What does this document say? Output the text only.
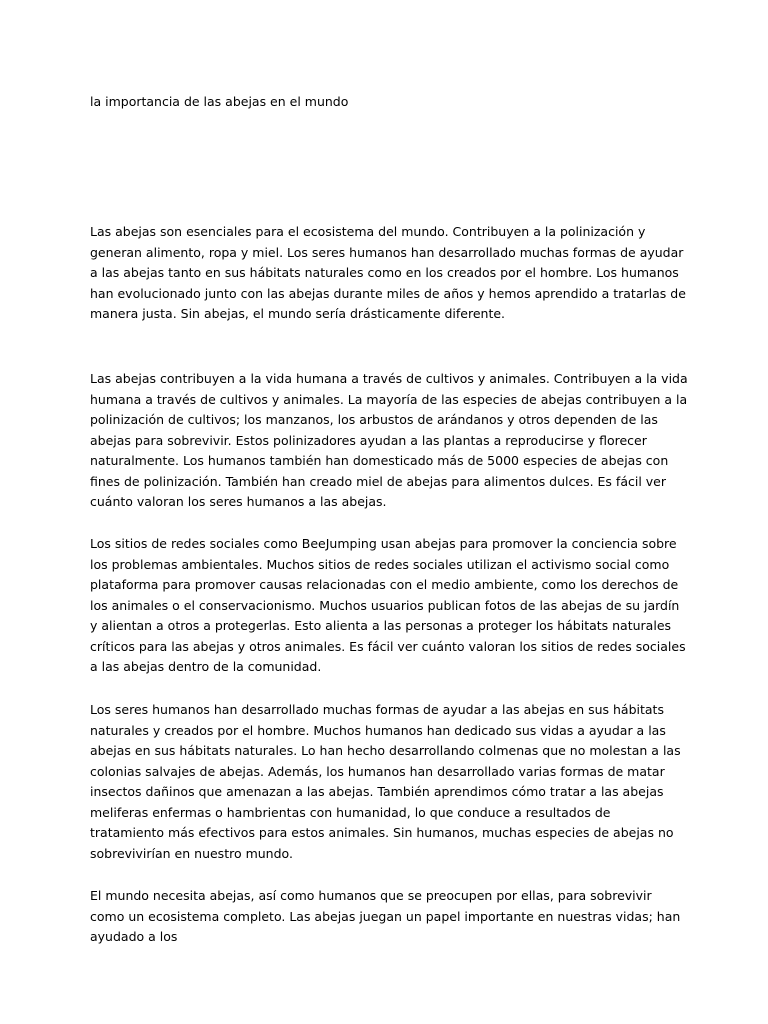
la importancia de las abejas en el mundo

Las abejas son esenciales para el ecosistema del mundo. Contribuyen a la polinización y generan alimento, ropa y miel. Los seres humanos han desarrollado muchas formas de ayudar a las abejas tanto en sus hábitats naturales como en los creados por el hombre. Los humanos han evolucionado junto con las abejas durante miles de años y hemos aprendido a tratarlas de manera justa. Sin abejas, el mundo sería drásticamente diferente.

Las abejas contribuyen a la vida humana a través de cultivos y animales. Contribuyen a la vida humana a través de cultivos y animales. La mayoría de las especies de abejas contribuyen a la polinización de cultivos; los manzanos, los arbustos de arándanos y otros dependen de las abejas para sobrevivir. Estos polinizadores ayudan a las plantas a reproducirse y florecer naturalmente. Los humanos también han domesticado más de 5000 especies de abejas con fines de polinización. También han creado miel de abejas para alimentos dulces. Es fácil ver cuánto valoran los seres humanos a las abejas.

Los sitios de redes sociales como BeeJumping usan abejas para promover la conciencia sobre los problemas ambientales. Muchos sitios de redes sociales utilizan el activismo social como plataforma para promover causas relacionadas con el medio ambiente, como los derechos de los animales o el conservacionismo. Muchos usuarios publican fotos de las abejas de su jardín y alientan a otros a protegerlas. Esto alienta a las personas a proteger los hábitats naturales críticos para las abejas y otros animales. Es fácil ver cuánto valoran los sitios de redes sociales a las abejas dentro de la comunidad.

Los seres humanos han desarrollado muchas formas de ayudar a las abejas en sus hábitats naturales y creados por el hombre. Muchos humanos han dedicado sus vidas a ayudar a las abejas en sus hábitats naturales. Lo han hecho desarrollando colmenas que no molestan a las colonias salvajes de abejas. Además, los humanos han desarrollado varias formas de matar insectos dañinos que amenazan a las abejas. También aprendimos cómo tratar a las abejas meliferas enfermas o hambrientas con humanidad, lo que conduce a resultados de tratamiento más efectivos para estos animales. Sin humanos, muchas especies de abejas no sobrevivirían en nuestro mundo.

El mundo necesita abejas, así como humanos que se preocupen por ellas, para sobrevivir como un ecosistema completo. Las abejas juegan un papel importante en nuestras vidas; han ayudado a los
